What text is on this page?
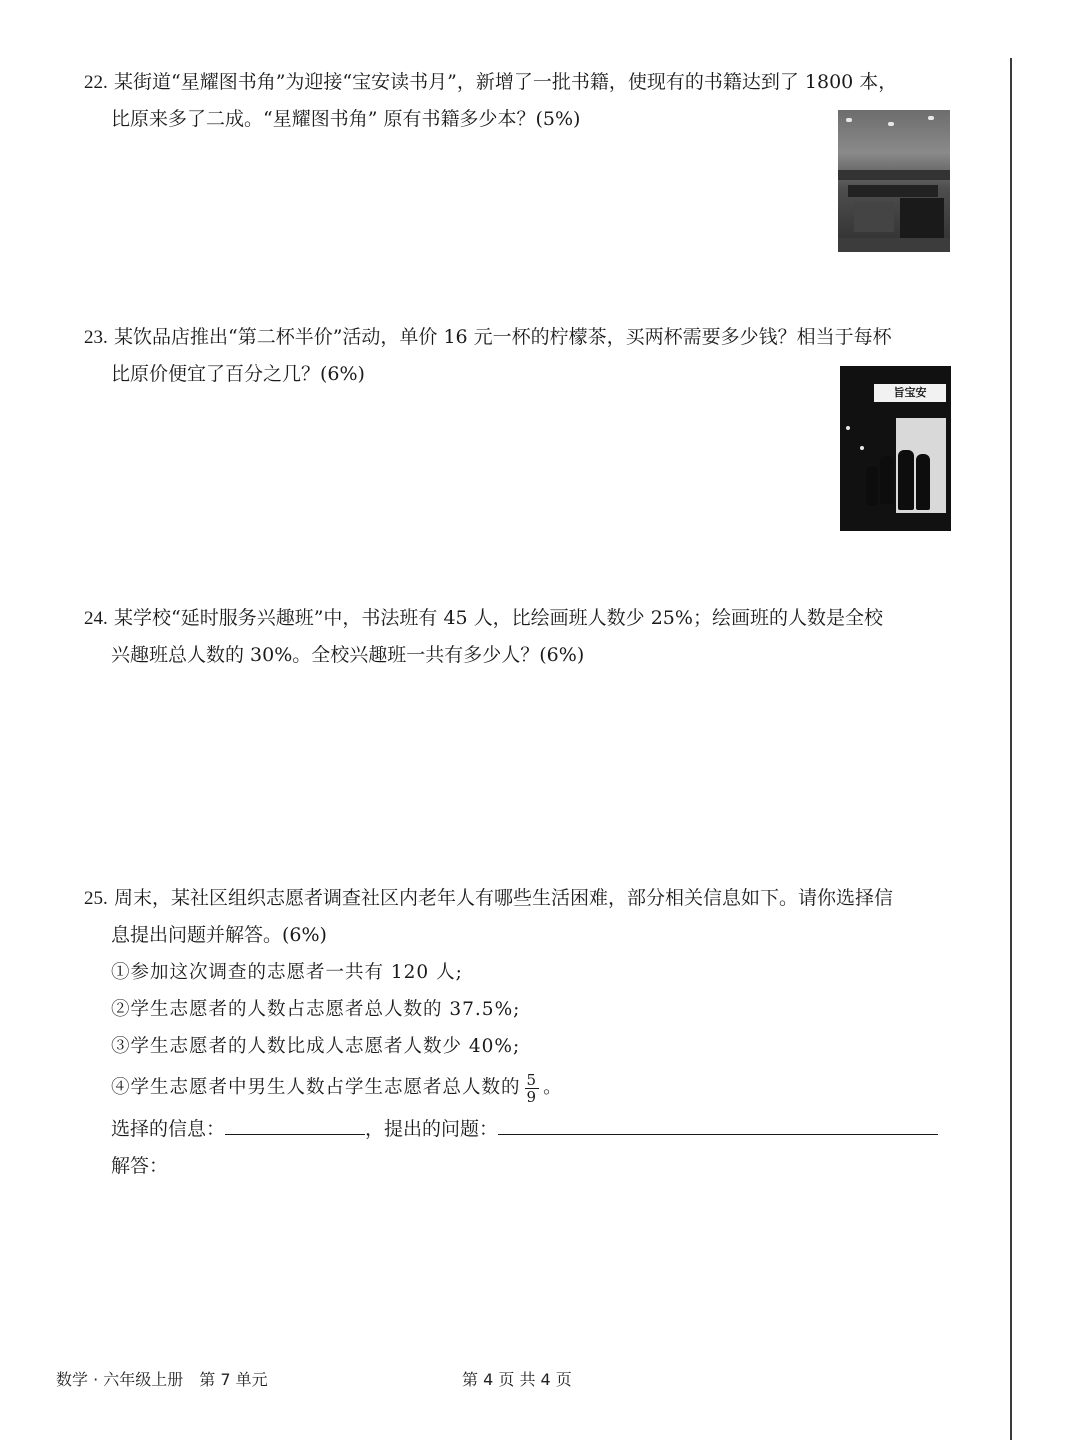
22. 某街道“星耀图书角”为迎接“宝安读书月”，新增了一批书籍，使现有的书籍达到了 1800 本，
比原来多了二成。“星耀图书角” 原有书籍多少本？(5%)
23. 某饮品店推出“第二杯半价”活动，单价 16 元一杯的柠檬茶，买两杯需要多少钱？相当于每杯
比原价便宜了百分之几？(6%)
旨宝安
24. 某学校“延时服务兴趣班”中，书法班有 45 人，比绘画班人数少 25%；绘画班的人数是全校
兴趣班总人数的 30%。全校兴趣班一共有多少人？(6%)
25. 周末，某社区组织志愿者调查社区内老年人有哪些生活困难，部分相关信息如下。请你选择信
息提出问题并解答。(6%)
①参加这次调查的志愿者一共有 120 人;
②学生志愿者的人数占志愿者总人数的 37.5%;
③学生志愿者的人数比成人志愿者人数少 40%;
④学生志愿者中男生人数占学生志愿者总人数的 $\frac{5}{9}$ 。
选择的信息：	，提出的问题：
解答：
数学 · 六年级上册　第 7 单元	第 4 页 共 4 页
